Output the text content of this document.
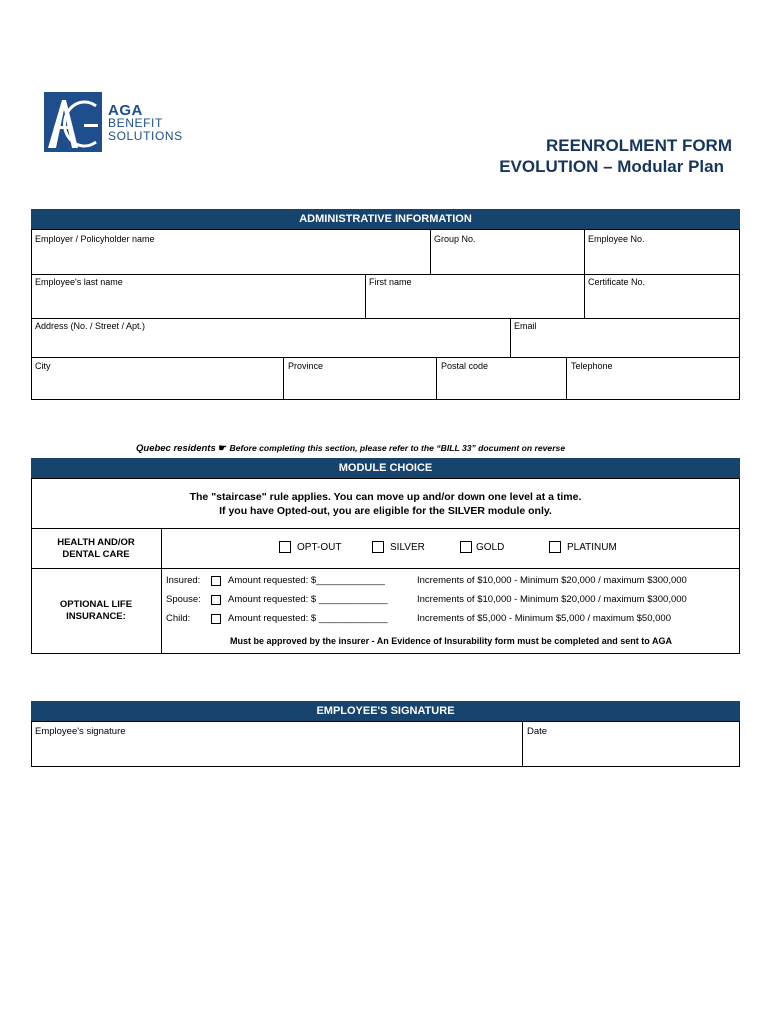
AGA
BENEFIT
SOLUTIONS	REENROLMENT FORM
EVOLUTION – Modular Plan
ADMINISTRATIVE INFORMATION
Employer / Policyholder name	Group No.	Employee No.
Employee's last name	First name	Certificate No.
Address (No. / Street / Apt.)	Email
City	Province	Postal code	Telephone
Quebec residents ☛ Before completing this section, please refer to the “BILL 33” document on reverse
MODULE CHOICE
The "staircase" rule applies. You can move up and/or down one level at a time.
If you have Opted-out, you are eligible for the SILVER module only.
HEALTH AND/OR DENTAL CARE
OPT-OUT	SILVER	GOLD	PLATINUM
OPTIONAL LIFE INSURANCE:
Insured:	Amount requested: $_____________	Increments of $10,000 - Minimum $20,000 / maximum $300,000
Spouse:	Amount requested: $ _____________	Increments of $10,000 - Minimum $20,000 / maximum $300,000
Child:	Amount requested: $ _____________	Increments of $5,000 - Minimum $5,000 / maximum $50,000
Must be approved by the insurer - An Evidence of Insurability form must be completed and sent to AGA
EMPLOYEE'S SIGNATURE
Employee's signature	Date
